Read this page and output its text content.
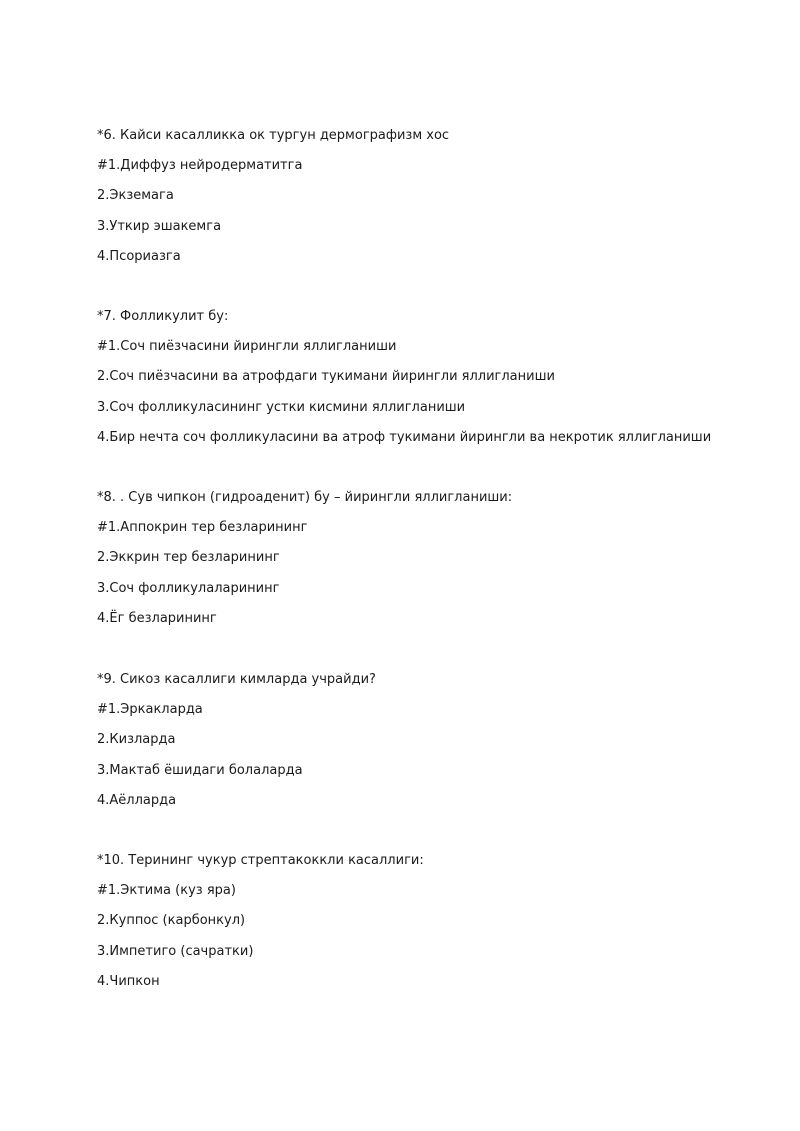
*6. Кайси касалликка ок тургун дермографизм хос
#1.Диффуз нейродерматитга
2.Экземага
3.Уткир эшакемга
4.Псориазга
*7. Фолликулит бу:
#1.Соч пиёзчасини йирингли яллигланиши
2.Соч пиёзчасини ва атрофдаги тукимани йирингли яллигланиши
3.Соч фолликуласининг устки кисмини яллигланиши
4.Бир нечта соч фолликуласини ва атроф тукимани йирингли ва некротик яллигланиши
*8. . Сув чипкон (гидроаденит) бу – йирингли яллигланиши:
#1.Аппокрин тер безларининг
2.Эккрин тер безларининг
3.Соч фолликулаларининг
4.Ёг безларининг
*9. Сикоз касаллиги кимларда учрайди?
#1.Эркакларда
2.Кизларда
3.Мактаб ёшидаги болаларда
4.Аёлларда
*10. Терининг чукур стрептакоккли касаллиги:
#1.Эктима (куз яра)
2.Куппос (карбонкул)
3.Импетиго (сачратки)
4.Чипкон
